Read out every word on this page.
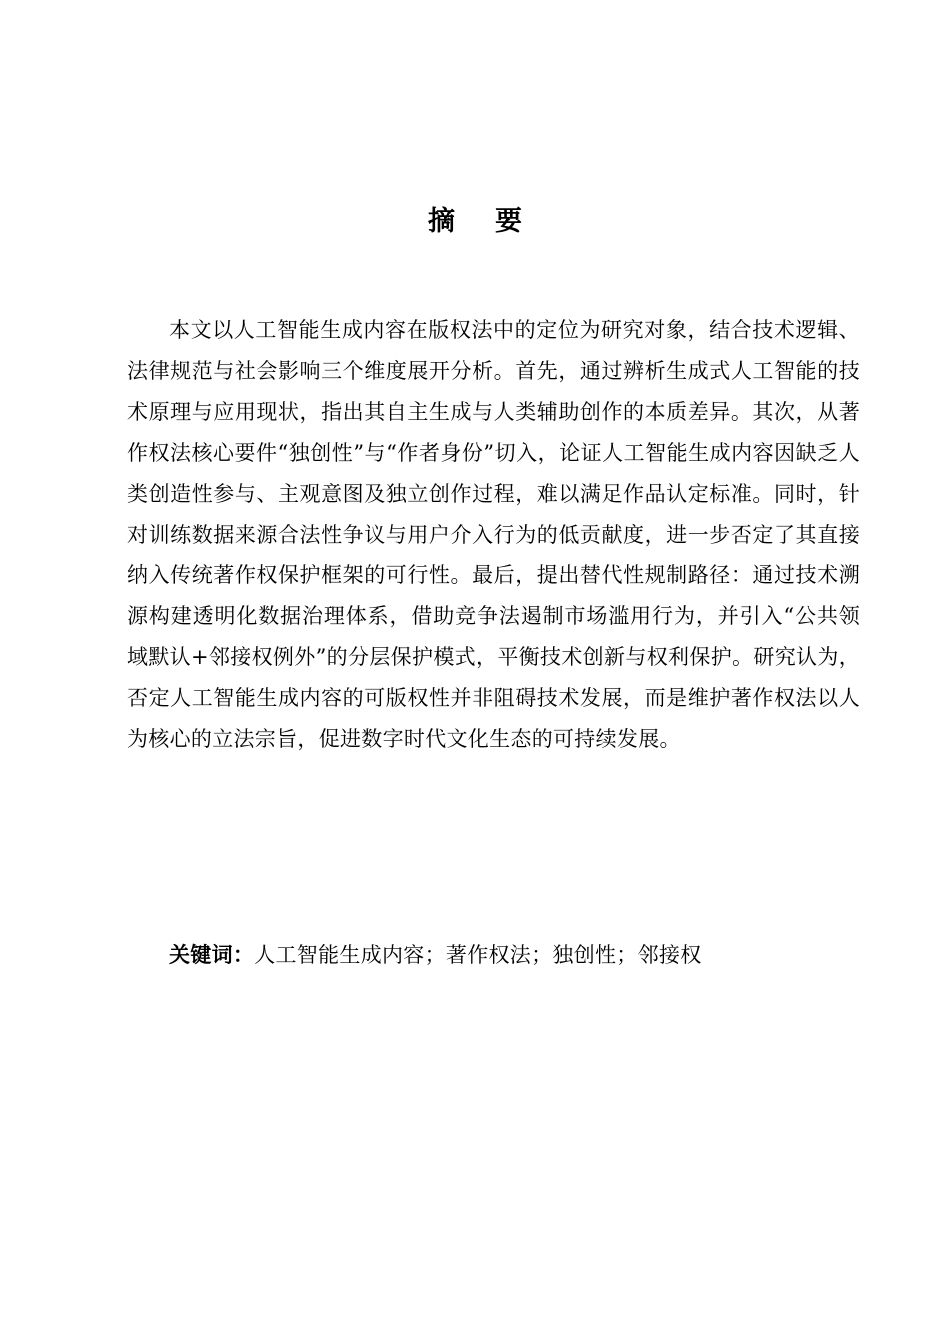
摘 要

本文以人工智能生成内容在版权法中的定位为研究对象，结合技术逻辑、法律规范与社会影响三个维度展开分析。首先，通过辨析生成式人工智能的技术原理与应用现状，指出其自主生成与人类辅助创作的本质差异。其次，从著作权法核心要件“独创性”与“作者身份”切入，论证人工智能生成内容因缺乏人类创造性参与、主观意图及独立创作过程，难以满足作品认定标准。同时，针对训练数据来源合法性争议与用户介入行为的低贡献度，进一步否定了其直接纳入传统著作权保护框架的可行性。最后，提出替代性规制路径：通过技术溯源构建透明化数据治理体系，借助竞争法遏制市场滥用行为，并引入“公共领域默认+邻接权例外”的分层保护模式，平衡技术创新与权利保护。研究认为，否定人工智能生成内容的可版权性并非阻碍技术发展，而是维护著作权法以人为核心的立法宗旨，促进数字时代文化生态的可持续发展。

关键词：人工智能生成内容；著作权法；独创性；邻接权
